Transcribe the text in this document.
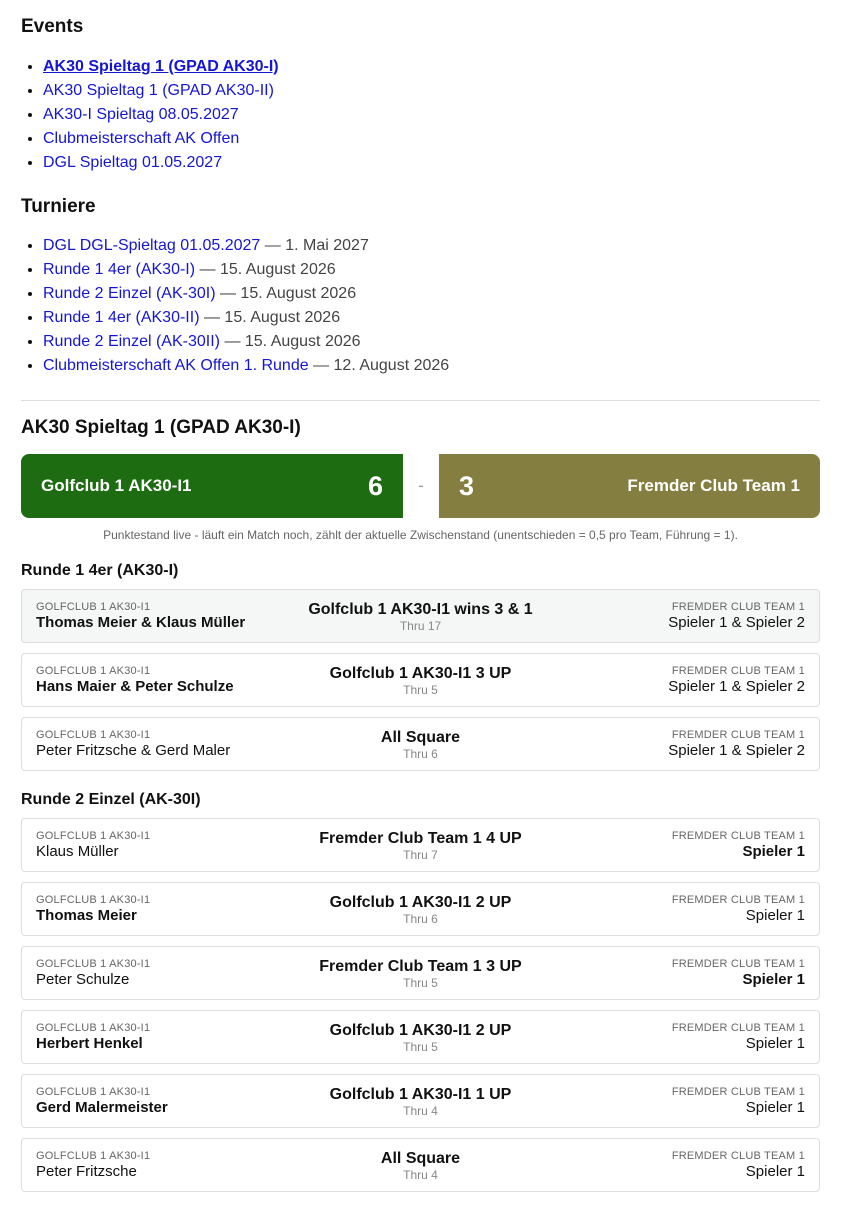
Events
• AK30 Spieltag 1 (GPAD AK30-I)
• AK30 Spieltag 1 (GPAD AK30-II)
• AK30-I Spieltag 08.05.2027
• Clubmeisterschaft AK Offen
• DGL Spieltag 01.05.2027
Turniere
• DGL DGL-Spieltag 01.05.2027 — 1. Mai 2027
• Runde 1 4er (AK30-I) — 15. August 2026
• Runde 2 Einzel (AK-30I) — 15. August 2026
• Runde 1 4er (AK30-II) — 15. August 2026
• Runde 2 Einzel (AK-30II) — 15. August 2026
• Clubmeisterschaft AK Offen 1. Runde — 12. August 2026
AK30 Spieltag 1 (GPAD AK30-I)
Golfclub 1 AK30-I1	6	-	3	Fremder Club Team 1
Punktestand live - läuft ein Match noch, zählt der aktuelle Zwischenstand (unentschieden = 0,5 pro Team, Führung = 1).
Runde 1 4er (AK30-I)
GOLFCLUB 1 AK30-I1
Thomas Meier & Klaus Müller
Golfclub 1 AK30-I1 wins 3 & 1
Thru 17
FREMDER CLUB TEAM 1
Spieler 1 & Spieler 2
GOLFCLUB 1 AK30-I1
Hans Maier & Peter Schulze
Golfclub 1 AK30-I1 3 UP
Thru 5
FREMDER CLUB TEAM 1
Spieler 1 & Spieler 2
GOLFCLUB 1 AK30-I1
Peter Fritzsche & Gerd Maler
All Square
Thru 6
FREMDER CLUB TEAM 1
Spieler 1 & Spieler 2
Runde 2 Einzel (AK-30I)
GOLFCLUB 1 AK30-I1
Klaus Müller
Fremder Club Team 1 4 UP
Thru 7
FREMDER CLUB TEAM 1
Spieler 1
GOLFCLUB 1 AK30-I1
Thomas Meier
Golfclub 1 AK30-I1 2 UP
Thru 6
FREMDER CLUB TEAM 1
Spieler 1
GOLFCLUB 1 AK30-I1
Peter Schulze
Fremder Club Team 1 3 UP
Thru 5
FREMDER CLUB TEAM 1
Spieler 1
GOLFCLUB 1 AK30-I1
Herbert Henkel
Golfclub 1 AK30-I1 2 UP
Thru 5
FREMDER CLUB TEAM 1
Spieler 1
GOLFCLUB 1 AK30-I1
Gerd Malermeister
Golfclub 1 AK30-I1 1 UP
Thru 4
FREMDER CLUB TEAM 1
Spieler 1
GOLFCLUB 1 AK30-I1
Peter Fritzsche
All Square
Thru 4
FREMDER CLUB TEAM 1
Spieler 1
